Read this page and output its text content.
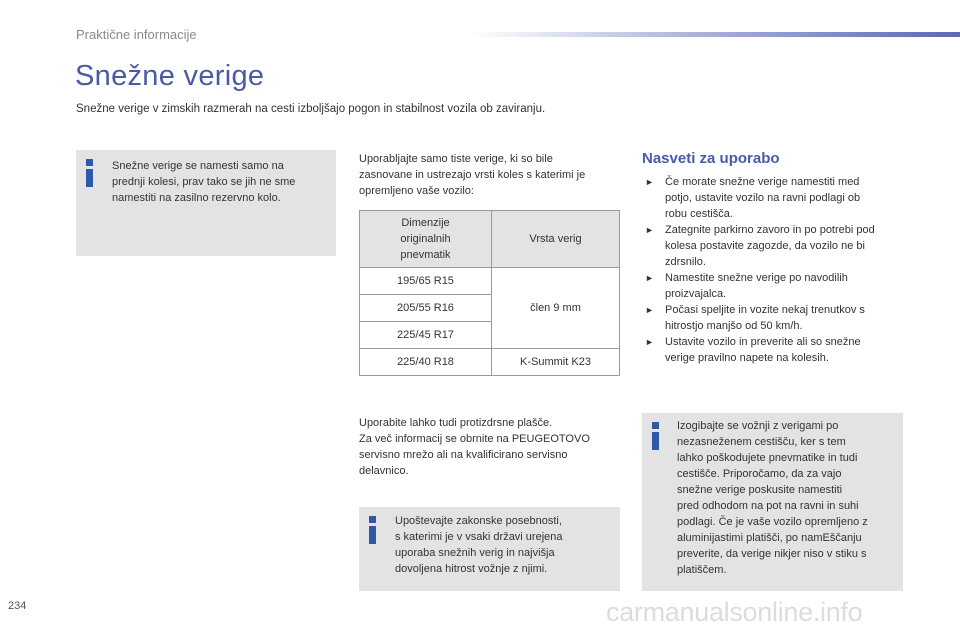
Praktične informacije
Snežne verige
Snežne verige v zimskih razmerah na cesti izboljšajo pogon in stabilnost vozila ob zaviranju.
Snežne verige se namesti samo na
prednji kolesi, prav tako se jih ne sme
namestiti na zasilno rezervno kolo.
Uporabljajte samo tiste verige, ki so bile
zasnovane in ustrezajo vrsti koles s katerimi je
opremljeno vaše vozilo:
Dimenzije
originalnih
pnevmatik	Vrsta verig
195/65 R15	člen 9 mm
205/55 R16	
225/45 R17	
225/40 R18	K-Summit K23
Uporabite lahko tudi protizdrsne plašče.
Za več informacij se obrnite na PEUGEOTOVO
servisno mrežo ali na kvalificirano servisno
delavnico.
Upoštevajte zakonske posebnosti,
s katerimi je v vsaki državi urejena
uporaba snežnih verig in najvišja
dovoljena hitrost vožnje z njimi.
Nasveti za uporabo
► Če morate snežne verige namestiti med
potjo, ustavite vozilo na ravni podlagi ob
robu cestišča.
► Zategnite parkirno zavoro in po potrebi pod
kolesa postavite zagozde, da vozilo ne bi
zdrsnilo.
► Namestite snežne verige po navodilih
proizvajalca.
► Počasi speljite in vozite nekaj trenutkov s
hitrostjo manjšo od 50 km/h.
► Ustavite vozilo in preverite ali so snežne
verige pravilno napete na kolesih.
Izogibajte se vožnji z verigami po
nezasneženem cestišču, ker s tem
lahko poškodujete pnevmatike in tudi
cestišče. Priporočamo, da za vajo
snežne verige poskusite namestiti
pred odhodom na pot na ravni in suhi
podlagi. Če je vaše vozilo opremljeno z
aluminijastimi platišči, po namEščanju
preverite, da verige nikjer niso v stiku s
platiščem.
234	carmanualsonline.info
